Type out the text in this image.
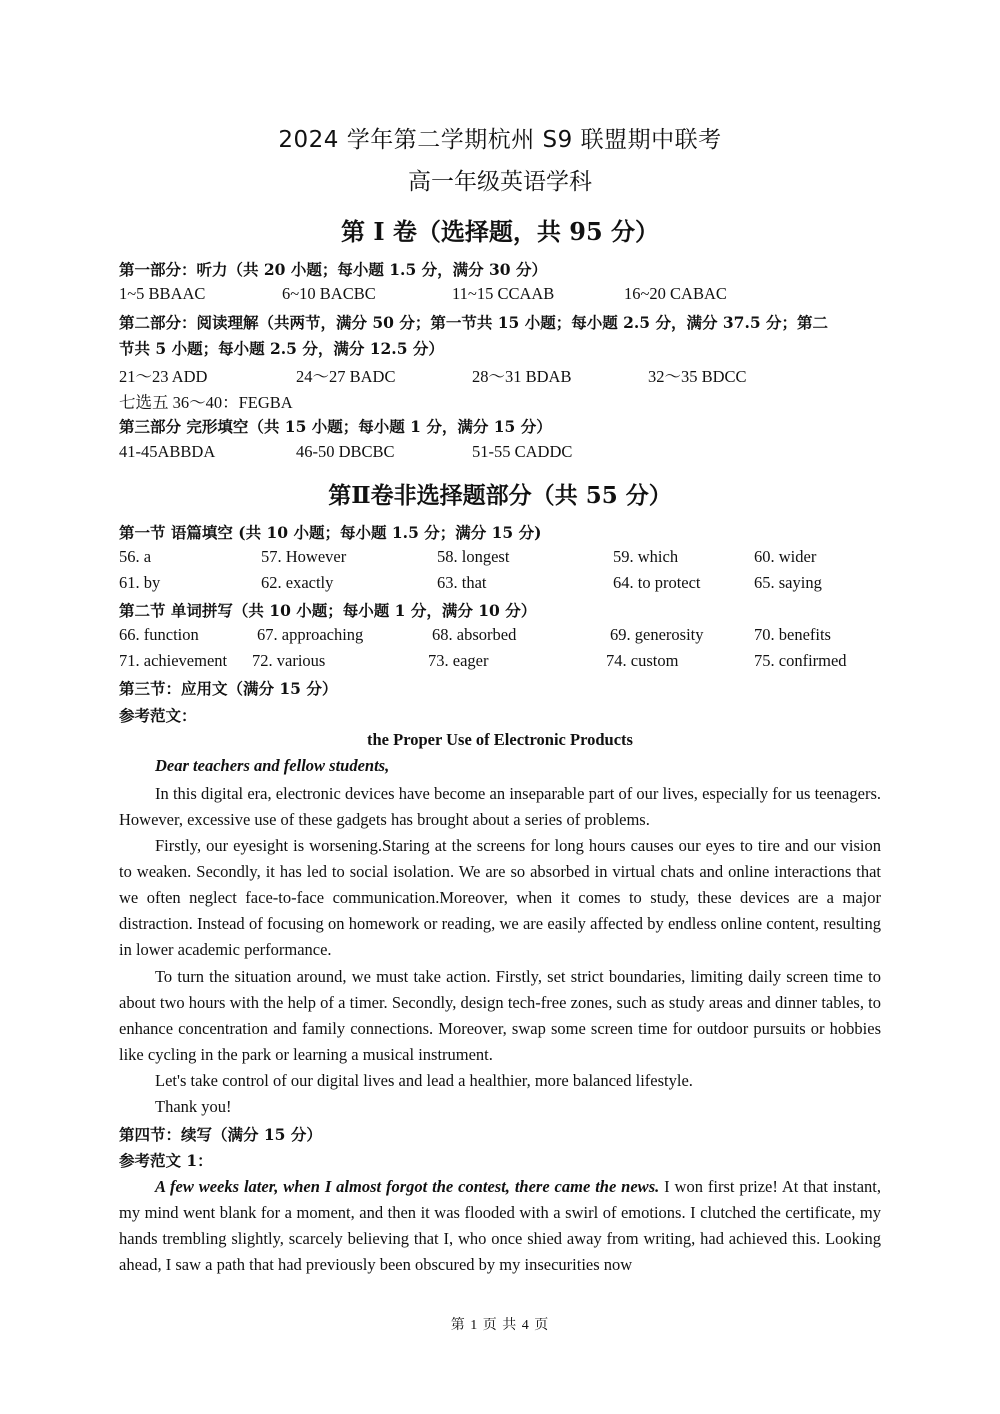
2024 学年第二学期杭州 S9 联盟期中联考
高一年级英语学科
第 I 卷（选择题，共 95 分）
第一部分：听力（共 20 小题；每小题 1.5 分，满分 30 分）
1~5 BBAAC	6~10 BACBC	11~15 CCAAB	16~20 CABAC
第二部分：阅读理解（共两节，满分 50 分；第一节共 15 小题；每小题 2.5 分，满分 37.5 分；第二
节共 5 小题；每小题 2.5 分，满分 12.5 分）
21～23 ADD	24～27 BADC	28～31 BDAB	32～35 BDCC
七选五 36～40：FEGBA
第三部分 完形填空（共 15 小题；每小题 1 分，满分 15 分）
41-45ABBDA	46-50 DBCBC	51-55 CADDC
第Ⅱ卷非选择题部分（共 55 分）
第一节 语篇填空 (共 10 小题；每小题 1.5 分；满分 15 分)
56. a	57. However	58. longest	59. which	60. wider
61. by	62. exactly	63. that	64. to protect	65. saying
第二节 单词拼写（共 10 小题；每小题 1 分，满分 10 分）
66. function	67. approaching	68. absorbed	69. generosity	70. benefits
71. achievement 72. various	73. eager	74. custom	75. confirmed
第三节：应用文（满分 15 分）
参考范文：
the Proper Use of Electronic Products
Dear teachers and fellow students,
In this digital era, electronic devices have become an inseparable part of our lives, especially for us teenagers. However, excessive use of these gadgets has brought about a series of problems.
Firstly, our eyesight is worsening.Staring at the screens for long hours causes our eyes to tire and our vision to weaken. Secondly, it has led to social isolation. We are so absorbed in virtual chats and online interactions that we often neglect face-to-face communication.Moreover, when it comes to study, these devices are a major distraction. Instead of focusing on homework or reading, we are easily affected by endless online content, resulting in lower academic performance.
To turn the situation around, we must take action. Firstly, set strict boundaries, limiting daily screen time to about two hours with the help of a timer. Secondly, design tech-free zones, such as study areas and dinner tables, to enhance concentration and family connections. Moreover, swap some screen time for outdoor pursuits or hobbies like cycling in the park or learning a musical instrument.
Let's take control of our digital lives and lead a healthier, more balanced lifestyle.
Thank you!
第四节：续写（满分 15 分）
参考范文 1：
A few weeks later, when I almost forgot the contest, there came the news. I won first prize! At that instant, my mind went blank for a moment, and then it was flooded with a swirl of emotions. I clutched the certificate, my hands trembling slightly, scarcely believing that I, who once shied away from writing, had achieved this. Looking ahead, I saw a path that had previously been obscured by my insecurities now
第 1 页 共 4 页
